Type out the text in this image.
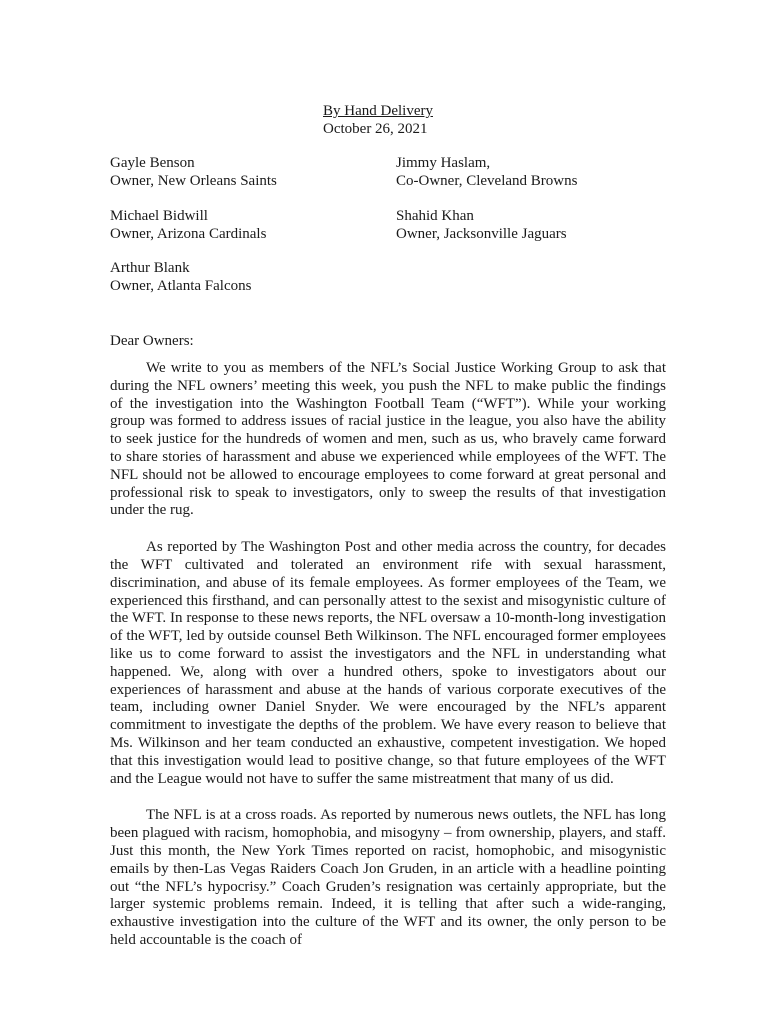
By Hand Delivery
October 26, 2021
Gayle Benson
Owner, New Orleans Saints
Jimmy Haslam,
Co-Owner, Cleveland Browns
Michael Bidwill
Owner, Arizona Cardinals
Shahid Khan
Owner, Jacksonville Jaguars
Arthur Blank
Owner, Atlanta Falcons
Dear Owners:

We write to you as members of the NFL’s Social Justice Working Group to ask that during the NFL owners’ meeting this week, you push the NFL to make public the findings of the investigation into the Washington Football Team (“WFT”). While your working group was formed to address issues of racial justice in the league, you also have the ability to seek justice for the hundreds of women and men, such as us, who bravely came forward to share stories of harassment and abuse we experienced while employees of the WFT. The NFL should not be allowed to encourage employees to come forward at great personal and professional risk to speak to investigators, only to sweep the results of that investigation under the rug.

As reported by The Washington Post and other media across the country, for decades the WFT cultivated and tolerated an environment rife with sexual harassment, discrimination, and abuse of its female employees. As former employees of the Team, we experienced this firsthand, and can personally attest to the sexist and misogynistic culture of the WFT. In response to these news reports, the NFL oversaw a 10-month-long investigation of the WFT, led by outside counsel Beth Wilkinson. The NFL encouraged former employees like us to come forward to assist the investigators and the NFL in understanding what happened. We, along with over a hundred others, spoke to investigators about our experiences of harassment and abuse at the hands of various corporate executives of the team, including owner Daniel Snyder. We were encouraged by the NFL’s apparent commitment to investigate the depths of the problem. We have every reason to believe that Ms. Wilkinson and her team conducted an exhaustive, competent investigation. We hoped that this investigation would lead to positive change, so that future employees of the WFT and the League would not have to suffer the same mistreatment that many of us did.

The NFL is at a cross roads. As reported by numerous news outlets, the NFL has long been plagued with racism, homophobia, and misogyny – from ownership, players, and staff. Just this month, the New York Times reported on racist, homophobic, and misogynistic emails by then-Las Vegas Raiders Coach Jon Gruden, in an article with a headline pointing out “the NFL’s hypocrisy.” Coach Gruden’s resignation was certainly appropriate, but the larger systemic problems remain. Indeed, it is telling that after such a wide-ranging, exhaustive investigation into the culture of the WFT and its owner, the only person to be held accountable is the coach of
